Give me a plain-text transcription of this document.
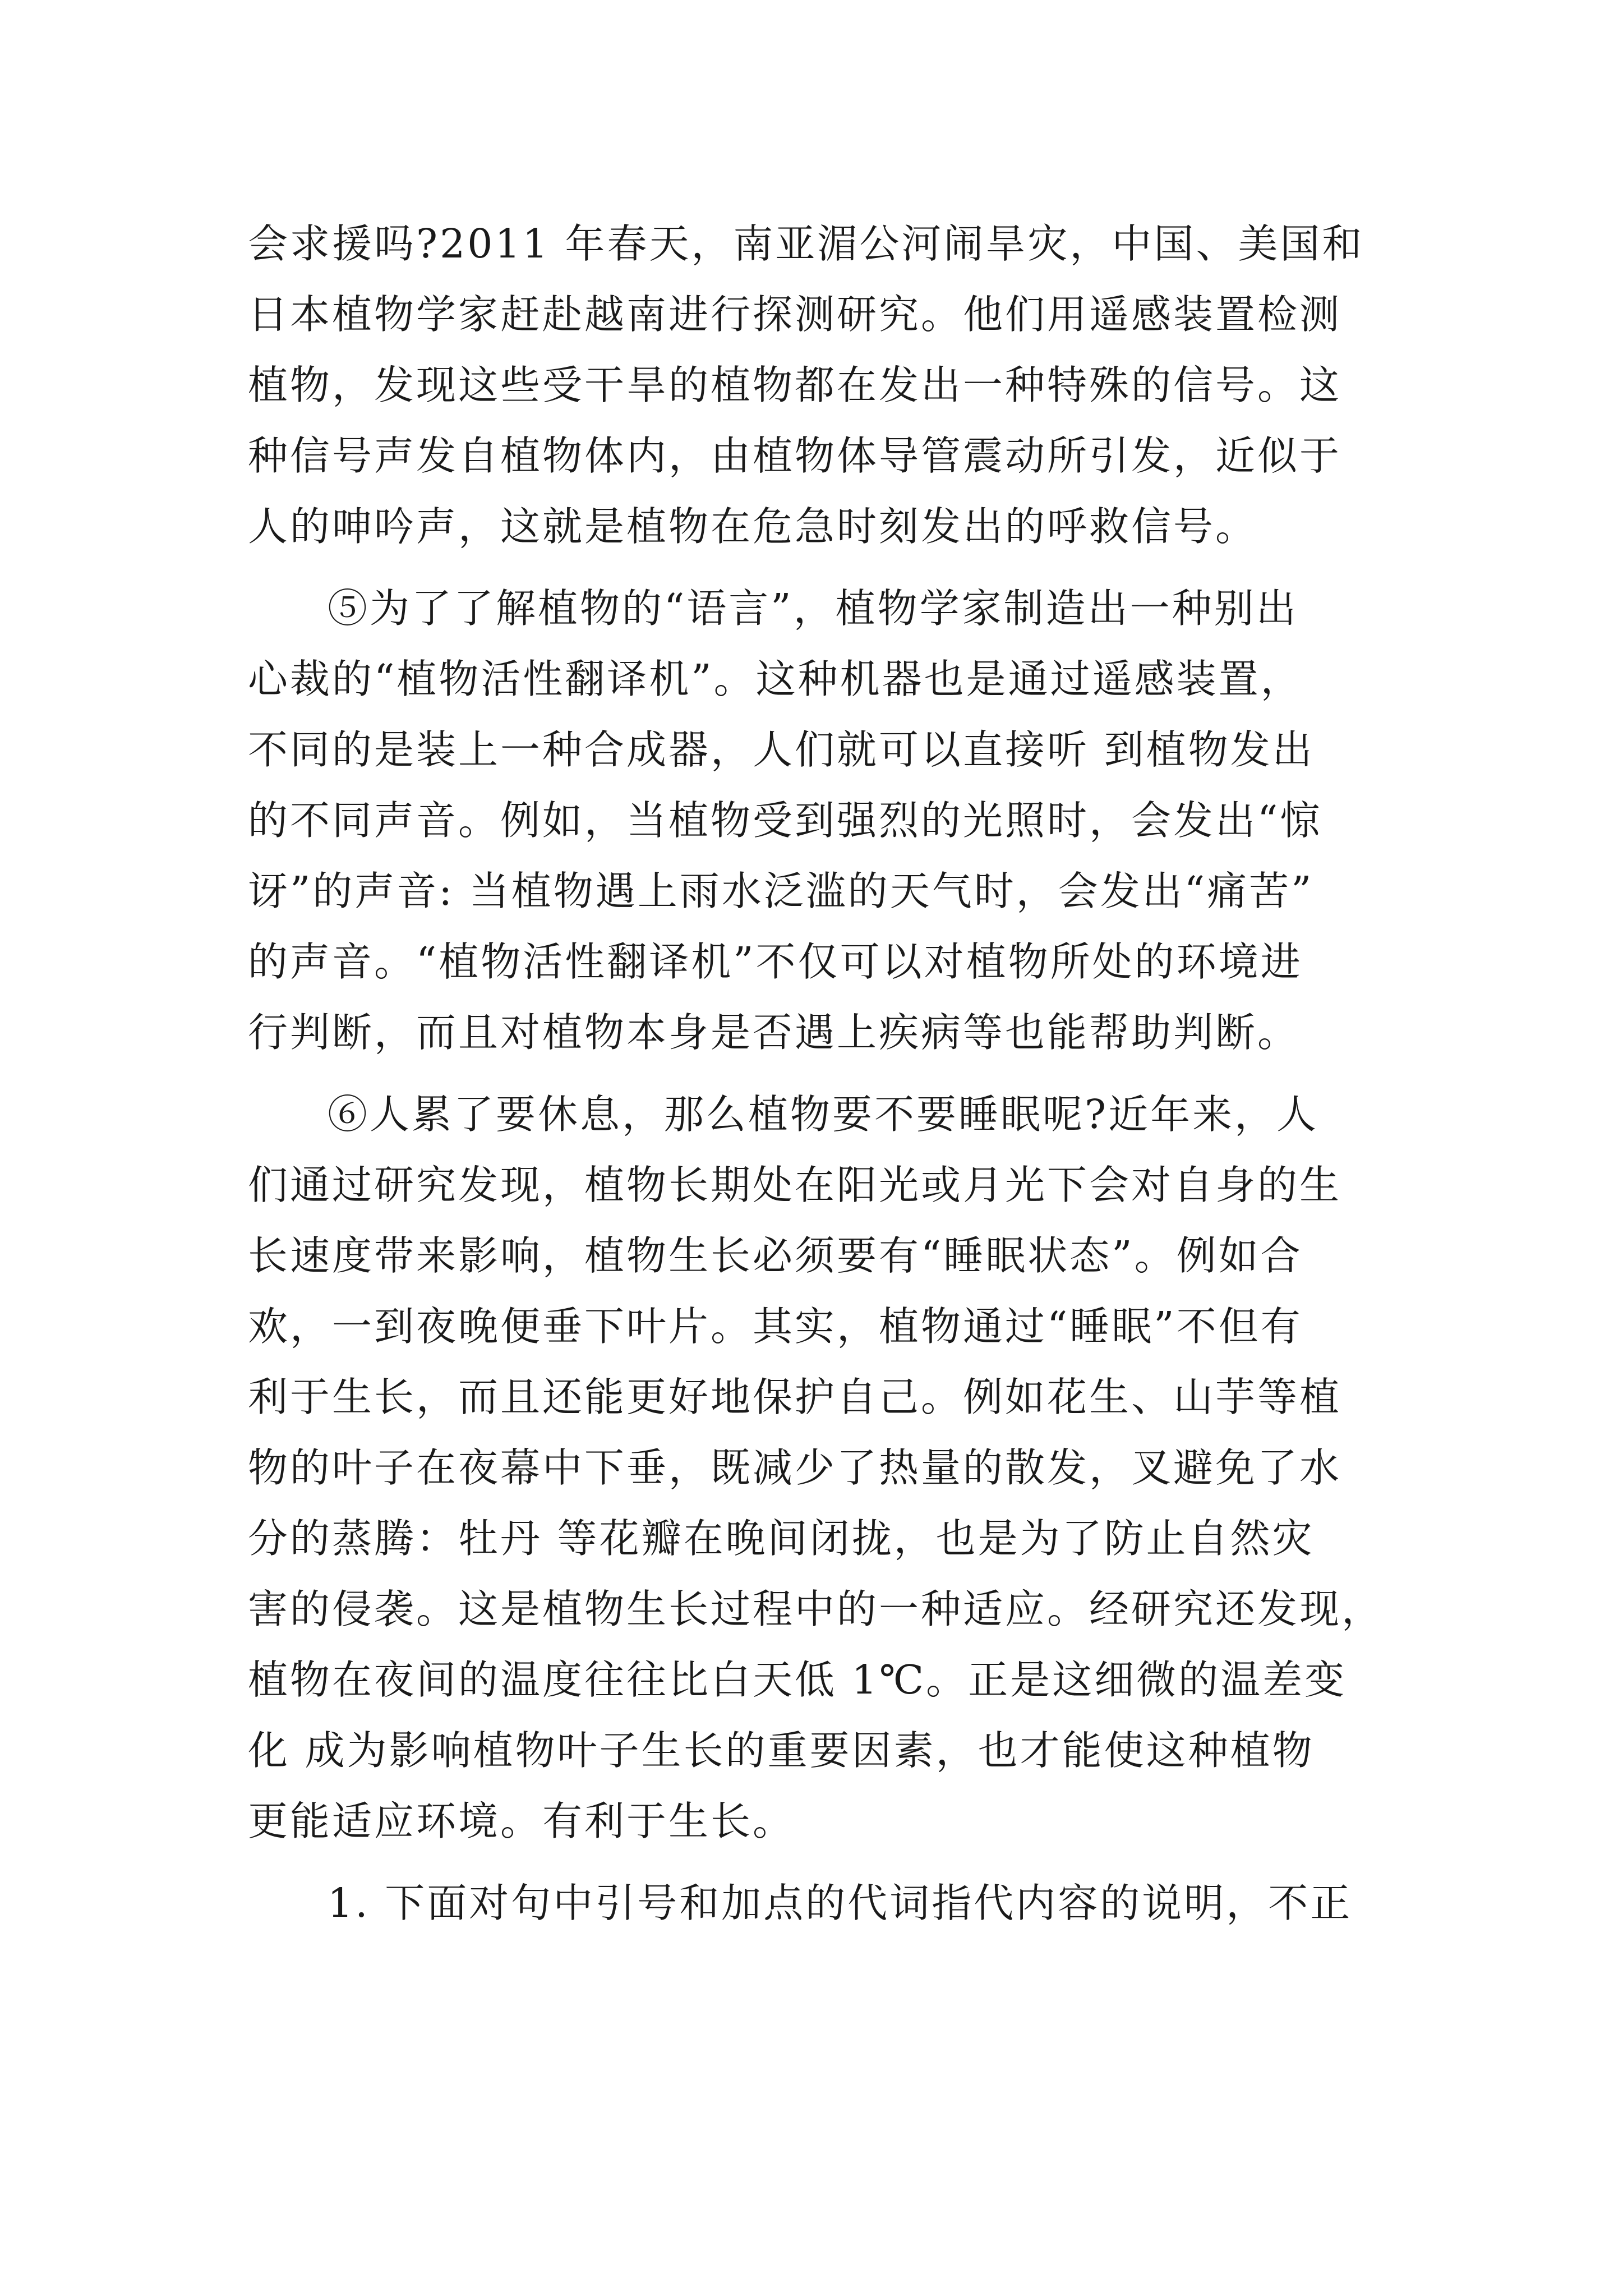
会求援吗?2011 年春天，南亚湄公河闹旱灾，中国、美国和
日本植物学家赶赴越南进行探测研究。他们用遥感装置检测
植物，发现这些受干旱的植物都在发出一种特殊的信号。这
种信号声发自植物体内，由植物体导管震动所引发，近似于
人的呻吟声，这就是植物在危急时刻发出的呼救信号。
⑤为了了解植物的“语言”，植物学家制造出一种别出
心裁的“植物活性翻译机”。这种机器也是通过遥感装置，
不同的是装上一种合成器，人们就可以直接听 到植物发出
的不同声音。例如，当植物受到强烈的光照时，会发出“惊
讶”的声音: 当植物遇上雨水泛滥的天气时，会发出“痛苦”
的声音。“植物活性翻译机”不仅可以对植物所处的环境进
行判断，而且对植物本身是否遇上疾病等也能帮助判断。
⑥人累了要休息，那么植物要不要睡眠呢?近年来，人
们通过研究发现，植物长期处在阳光或月光下会对自身的生
长速度带来影响，植物生长必须要有“睡眠状态”。例如合
欢，一到夜晚便垂下叶片。其实，植物通过“睡眠”不但有
利于生长，而且还能更好地保护自己。例如花生、山芋等植
物的叶子在夜幕中下垂，既减少了热量的散发，叉避免了水
分的蒸腾：牡丹 等花瓣在晚间闭拢，也是为了防止自然灾
害的侵袭。这是植物生长过程中的一种适应。经研究还发现，
植物在夜间的温度往往比白天低 1℃。正是这细微的温差变
化 成为影响植物叶子生长的重要因素，也才能使这种植物
更能适应环境。有利于生长。
1. 下面对句中引号和加点的代词指代内容的说明，不正
